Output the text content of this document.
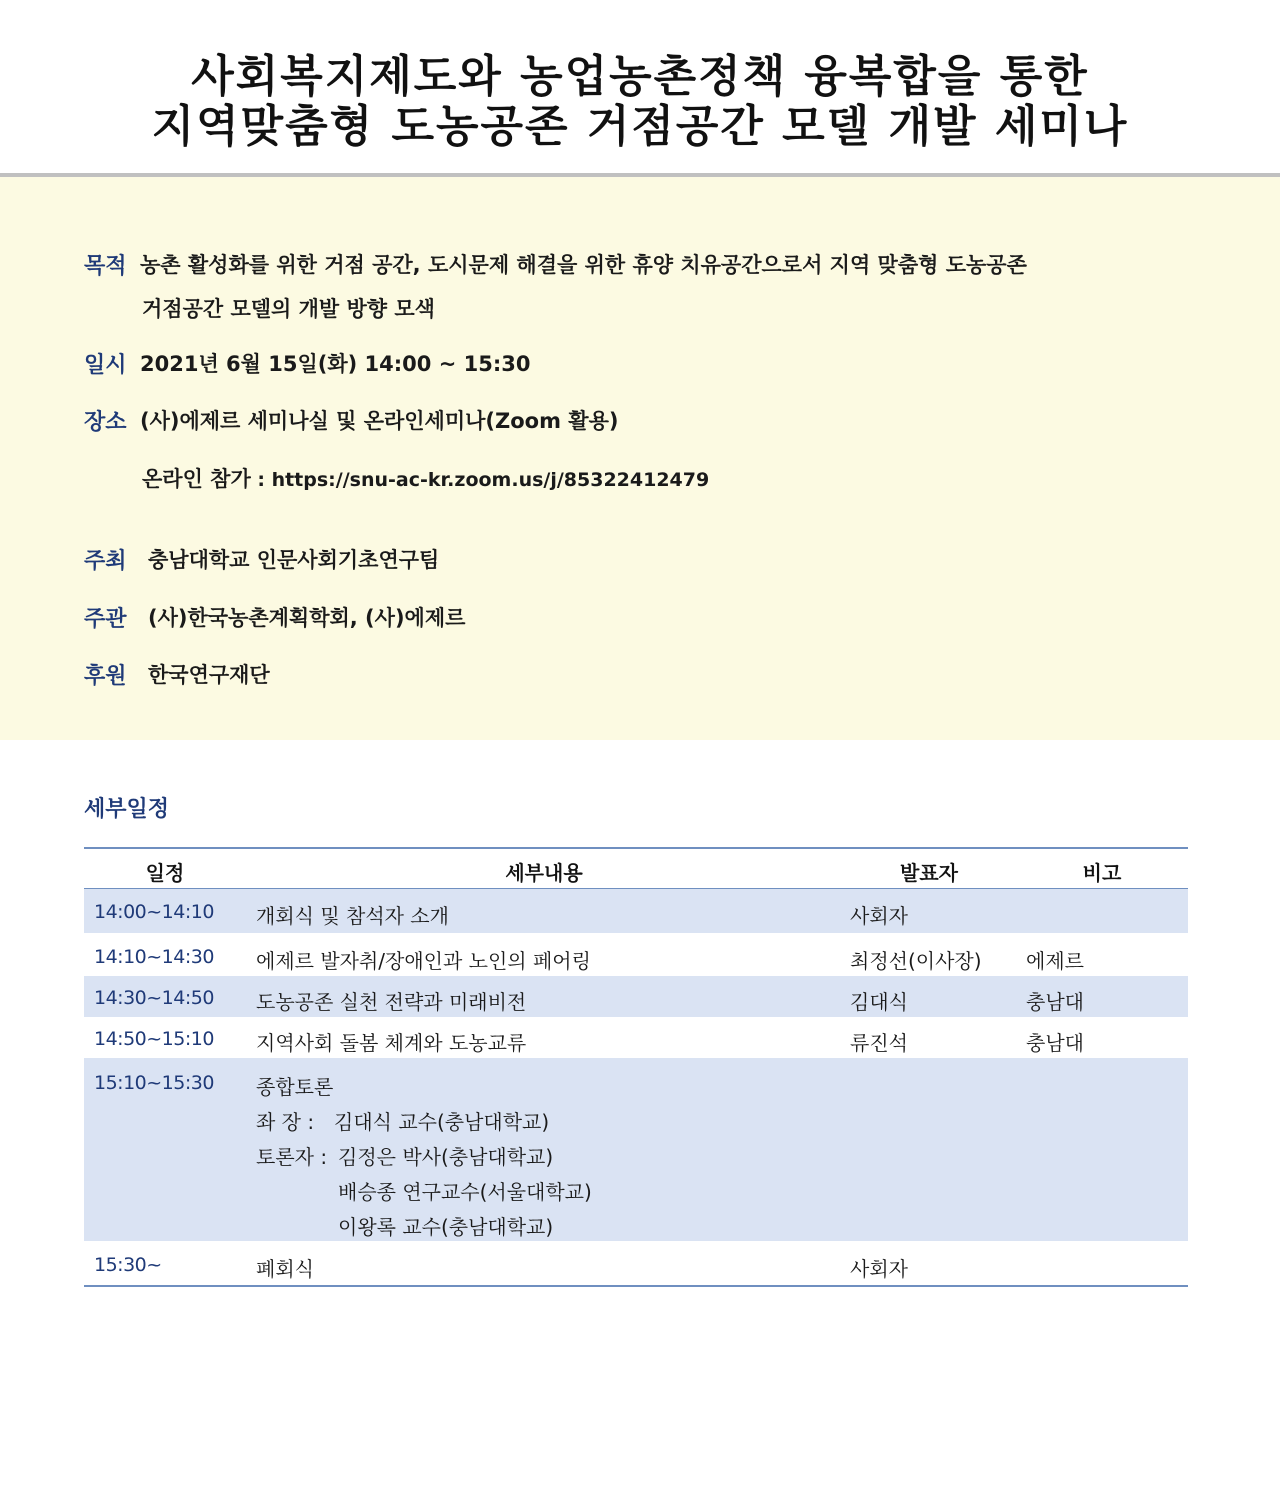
사회복지제도와 농업농촌정책 융복합을 통한
지역맞춤형 도농공존 거점공간 모델 개발 세미나
목적 농촌 활성화를 위한 거점 공간, 도시문제 해결을 위한 휴양 치유공간으로서 지역 맞춤형 도농공존
거점공간 모델의 개발 방향 모색
일시 2021년 6월 15일(화) 14:00 ~ 15:30
장소 (사)에제르 세미나실 및 온라인세미나(Zoom 활용)
온라인 참가 : https://snu-ac-kr.zoom.us/j/85322412479
주최 충남대학교 인문사회기초연구팀
주관 (사)한국농촌계획학회, (사)에제르
후원 한국연구재단
세부일정
일정	세부내용	발표자	비고
14:00~14:10 개회식 및 참석자 소개	사회자
14:10~14:30 에제르 발자취/장애인과 노인의 페어링	최정선(이사장) 에제르
14:30~14:50 도농공존 실천 전략과 미래비전	김대식	충남대
14:50~15:10 지역사회 돌봄 체계와 도농교류	류진석	충남대
15:10~15:30 종합토론
좌 장 : 김대식 교수(충남대학교)
토론자 : 김정은 박사(충남대학교)
배승종 연구교수(서울대학교)
이왕록 교수(충남대학교)
15:30~	폐회식	사회자
